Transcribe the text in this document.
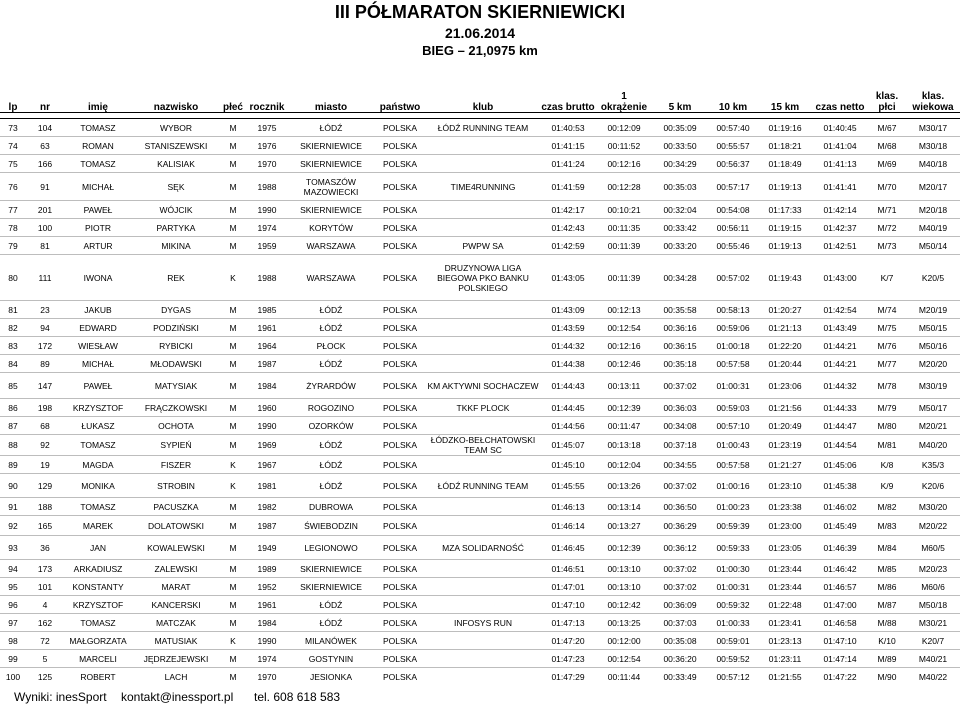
III PÓŁMARATON SKIERNIEWICKI
21.06.2014
BIEG – 21,0975 km
lp	nr	imię	nazwisko	płeć	rocznik	miasto	państwo	klub	czas brutto	1 okrążenie	5 km	10 km	15 km	czas netto	klas. płci	klas. wiekowa
73	104	TOMASZ	WYBOR	M	1975	ŁÓDŹ	POLSKA	ŁÓDŹ RUNNING TEAM	01:40:53	00:12:09	00:35:09	00:57:40	01:19:16	01:40:45	M/67	M30/17
74	63	ROMAN	STANISZEWSKI	M	1976	SKIERNIEWICE	POLSKA		01:41:15	00:11:52	00:33:50	00:55:57	01:18:21	01:41:04	M/68	M30/18
75	166	TOMASZ	KALISIAK	M	1970	SKIERNIEWICE	POLSKA		01:41:24	00:12:16	00:34:29	00:56:37	01:18:49	01:41:13	M/69	M40/18
76	91	MICHAŁ	SĘK	M	1988	TOMASZÓW MAZOWIECKI	POLSKA	TIME4RUNNING	01:41:59	00:12:28	00:35:03	00:57:17	01:19:13	01:41:41	M/70	M20/17
77	201	PAWEŁ	WÓJCIK	M	1990	SKIERNIEWICE	POLSKA		01:42:17	00:10:21	00:32:04	00:54:08	01:17:33	01:42:14	M/71	M20/18
78	100	PIOTR	PARTYKA	M	1974	KORYTÓW	POLSKA		01:42:43	00:11:35	00:33:42	00:56:11	01:19:15	01:42:37	M/72	M40/19
79	81	ARTUR	MIKINA	M	1959	WARSZAWA	POLSKA	PWPW SA	01:42:59	00:11:39	00:33:20	00:55:46	01:19:13	01:42:51	M/73	M50/14
80	111	IWONA	REK	K	1988	WARSZAWA	POLSKA	DRUZYNOWA LIGA BIEGOWA PKO BANKU POLSKIEGO	01:43:05	00:11:39	00:34:28	00:57:02	01:19:43	01:43:00	K/7	K20/5
81	23	JAKUB	DYGAS	M	1985	ŁÓDŹ	POLSKA		01:43:09	00:12:13	00:35:58	00:58:13	01:20:27	01:42:54	M/74	M20/19
82	94	EDWARD	PODZIŃSKI	M	1961	ŁÓDŹ	POLSKA		01:43:59	00:12:54	00:36:16	00:59:06	01:21:13	01:43:49	M/75	M50/15
83	172	WIESŁAW	RYBICKI	M	1964	PŁOCK	POLSKA		01:44:32	00:12:16	00:36:15	01:00:18	01:22:20	01:44:21	M/76	M50/16
84	89	MICHAŁ	MŁODAWSKI	M	1987	ŁÓDŹ	POLSKA		01:44:38	00:12:46	00:35:18	00:57:58	01:20:44	01:44:21	M/77	M20/20
85	147	PAWEŁ	MATYSIAK	M	1984	ŻYRARDÓW	POLSKA	KM AKTYWNI SOCHACZEW	01:44:43	00:13:11	00:37:02	01:00:31	01:23:06	01:44:32	M/78	M30/19
86	198	KRZYSZTOF	FRĄCZKOWSKI	M	1960	ROGOZINO	POLSKA	TKKF PLOCK	01:44:45	00:12:39	00:36:03	00:59:03	01:21:56	01:44:33	M/79	M50/17
87	68	ŁUKASZ	OCHOTA	M	1990	OZORKÓW	POLSKA		01:44:56	00:11:47	00:34:08	00:57:10	01:20:49	01:44:47	M/80	M20/21
88	92	TOMASZ	SYPIEŃ	M	1969	ŁÓDŹ	POLSKA	ŁÓDZKO-BEŁCHATOWSKI TEAM SC	01:45:07	00:13:18	00:37:18	01:00:43	01:23:19	01:44:54	M/81	M40/20
89	19	MAGDA	FISZER	K	1967	ŁÓDŹ	POLSKA		01:45:10	00:12:04	00:34:55	00:57:58	01:21:27	01:45:06	K/8	K35/3
90	129	MONIKA	STROBIN	K	1981	ŁÓDŹ	POLSKA	ŁÓDŹ RUNNING TEAM	01:45:55	00:13:26	00:37:02	01:00:16	01:23:10	01:45:38	K/9	K20/6
91	188	TOMASZ	PACUSZKA	M	1982	DUBROWA	POLSKA		01:46:13	00:13:14	00:36:50	01:00:23	01:23:38	01:46:02	M/82	M30/20
92	165	MAREK	DOLATOWSKI	M	1987	ŚWIEBODZIN	POLSKA		01:46:14	00:13:27	00:36:29	00:59:39	01:23:00	01:45:49	M/83	M20/22
93	36	JAN	KOWALEWSKI	M	1949	LEGIONOWO	POLSKA	MZA SOLIDARNOŚĆ	01:46:45	00:12:39	00:36:12	00:59:33	01:23:05	01:46:39	M/84	M60/5
94	173	ARKADIUSZ	ZALEWSKI	M	1989	SKIERNIEWICE	POLSKA		01:46:51	00:13:10	00:37:02	01:00:30	01:23:44	01:46:42	M/85	M20/23
95	101	KONSTANTY	MARAT	M	1952	SKIERNIEWICE	POLSKA		01:47:01	00:13:10	00:37:02	01:00:31	01:23:44	01:46:57	M/86	M60/6
96	4	KRZYSZTOF	KANCERSKI	M	1961	ŁÓDŹ	POLSKA		01:47:10	00:12:42	00:36:09	00:59:32	01:22:48	01:47:00	M/87	M50/18
97	162	TOMASZ	MATCZAK	M	1984	ŁÓDŹ	POLSKA	INFOSYS RUN	01:47:13	00:13:25	00:37:03	01:00:33	01:23:41	01:46:58	M/88	M30/21
98	72	MAŁGORZATA	MATUSIAK	K	1990	MILANÓWEK	POLSKA		01:47:20	00:12:00	00:35:08	00:59:01	01:23:13	01:47:10	K/10	K20/7
99	5	MARCELI	JĘDRZEJEWSKI	M	1974	GOSTYNIN	POLSKA		01:47:23	00:12:54	00:36:20	00:59:52	01:23:11	01:47:14	M/89	M40/21
100	125	ROBERT	LACH	M	1970	JESIONKA	POLSKA		01:47:29	00:11:44	00:33:49	00:57:12	01:21:55	01:47:22	M/90	M40/22
Wyniki: inesSport kontakt@inessport.pl tel. 608 618 583
